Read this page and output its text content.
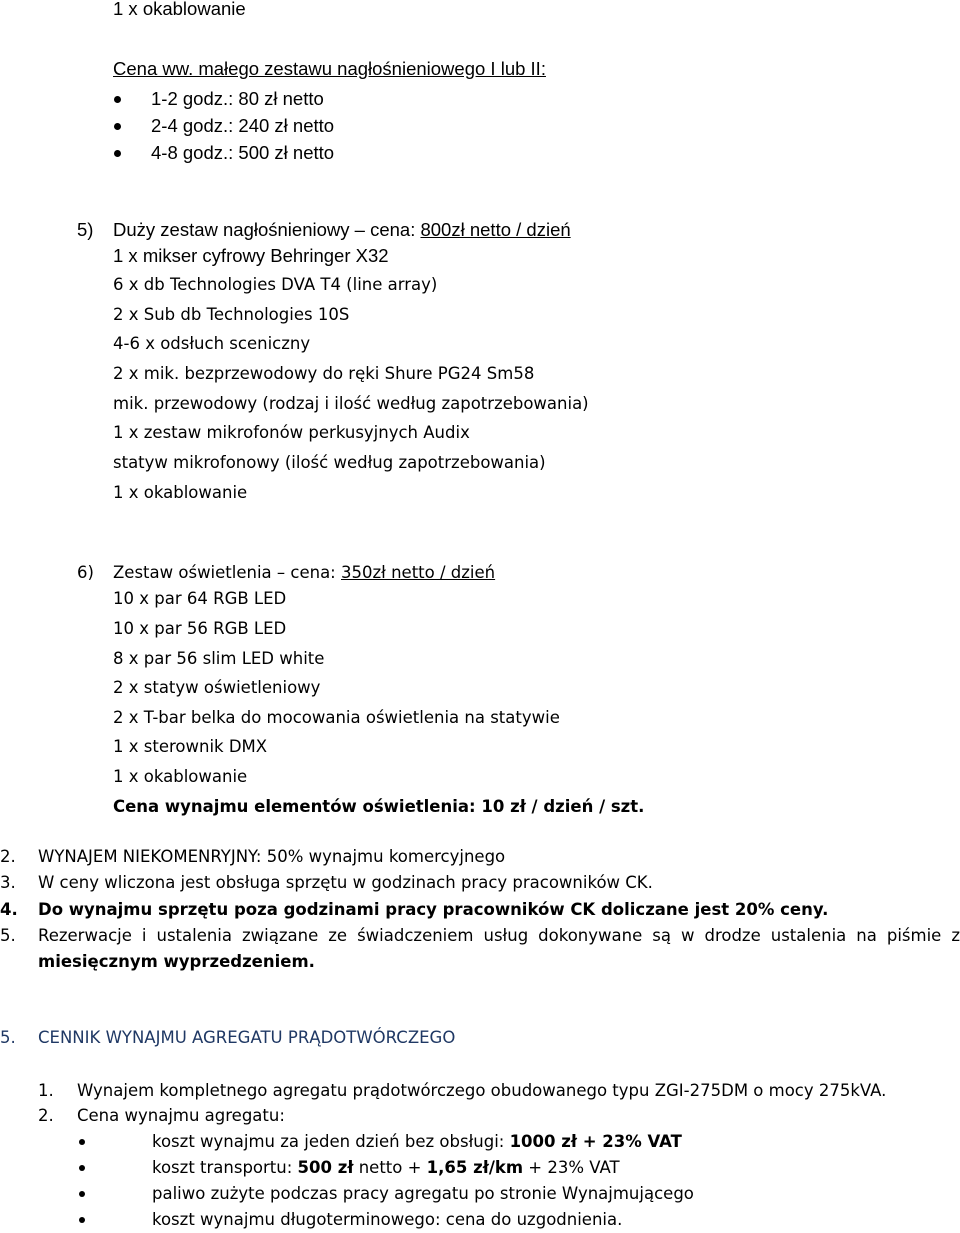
1 x okablowanie
Cena ww. małego zestawu nagłośnieniowego I lub II:
1-2 godz.: 80 zł netto
2-4 godz.: 240 zł netto
4-8 godz.: 500 zł netto
5) Duży zestaw nagłośnieniowy – cena: 800zł netto / dzień
1 x mikser cyfrowy Behringer X32
6 x db Technologies DVA T4 (line array)
2 x Sub db Technologies 10S
4-6 x odsłuch sceniczny
2 x mik. bezprzewodowy do ręki Shure PG24 Sm58
mik. przewodowy (rodzaj i ilość według zapotrzebowania)
1 x zestaw mikrofonów perkusyjnych Audix
statyw mikrofonowy (ilość według zapotrzebowania)
1 x okablowanie
6) Zestaw oświetlenia – cena: 350zł netto / dzień
10 x par 64 RGB LED
10 x par 56 RGB LED
8 x par 56 slim LED white
2 x statyw oświetleniowy
2 x T-bar belka do mocowania oświetlenia na statywie
1 x sterownik DMX
1 x okablowanie
Cena wynajmu elementów oświetlenia: 10 zł / dzień / szt.
2. WYNAJEM NIEKOMENRYJNY: 50% wynajmu komercyjnego
3. W ceny wliczona jest obsługa sprzętu w godzinach pracy pracowników CK.
4. Do wynajmu sprzętu poza godzinami pracy pracowników CK doliczane jest 20% ceny.
5. Rezerwacje i ustalenia związane ze świadczeniem usług dokonywane są w drodze ustalenia na piśmie z
miesięcznym wyprzedzeniem.
5. CENNIK WYNAJMU AGREGATU PRĄDOTWÓRCZEGO
1. Wynajem kompletnego agregatu prądotwórczego obudowanego typu ZGI-275DM o mocy 275kVA.
2. Cena wynajmu agregatu:
koszt wynajmu za jeden dzień bez obsługi: 1000 zł + 23% VAT
koszt transportu: 500 zł netto + 1,65 zł/km + 23% VAT
paliwo zużyte podczas pracy agregatu po stronie Wynajmującego
koszt wynajmu długoterminowego: cena do uzgodnienia.
